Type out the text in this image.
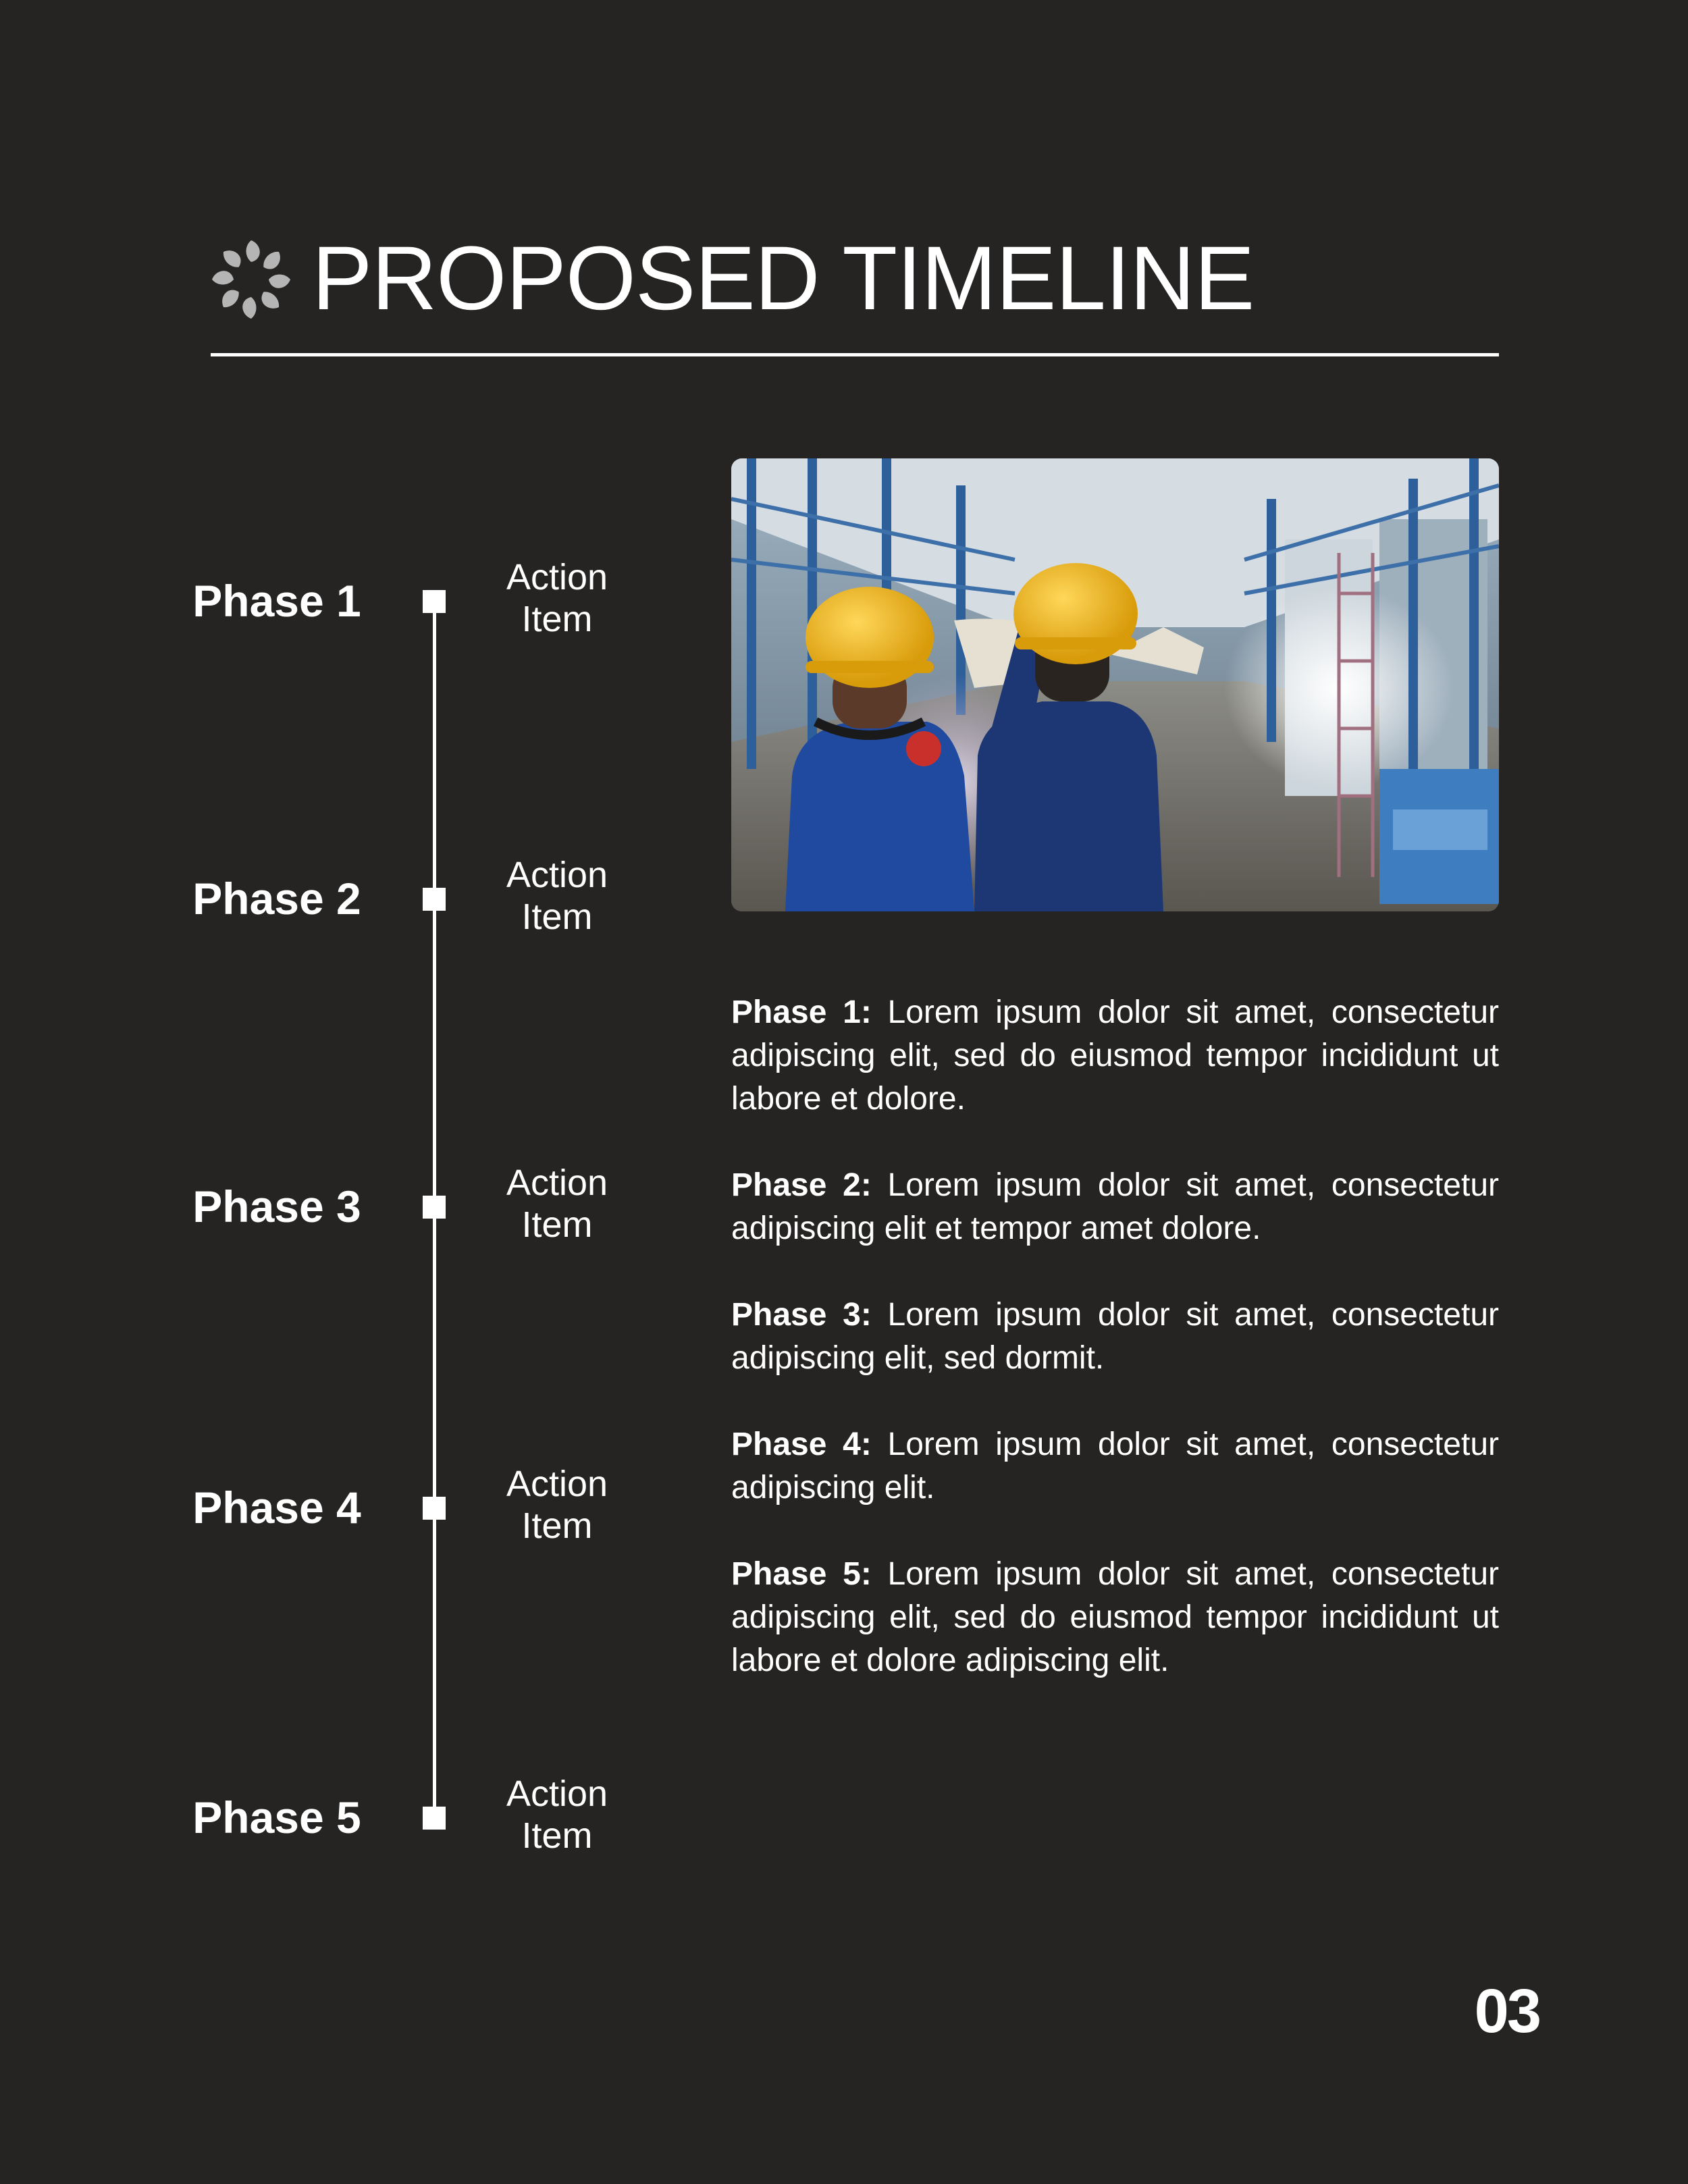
PROPOSED TIMELINE
Phase 1	Action
Item
Phase 2	Action
Item
Phase 3	Action
Item
Phase 4	Action
Item
Phase 5	Action
Item

Phase 1: Lorem ipsum dolor sit amet, consectetur adipiscing elit, sed do eiusmod tempor incididunt ut labore et dolore.

Phase 2: Lorem ipsum dolor sit amet, consectetur adipiscing elit et tempor amet dolore.

Phase 3: Lorem ipsum dolor sit amet, consectetur adipiscing elit, sed dormit.

Phase 4: Lorem ipsum dolor sit amet, consectetur adipiscing elit.

Phase 5: Lorem ipsum dolor sit amet, consectetur adipiscing elit, sed do eiusmod tempor incididunt ut labore et dolore adipiscing elit.

03
